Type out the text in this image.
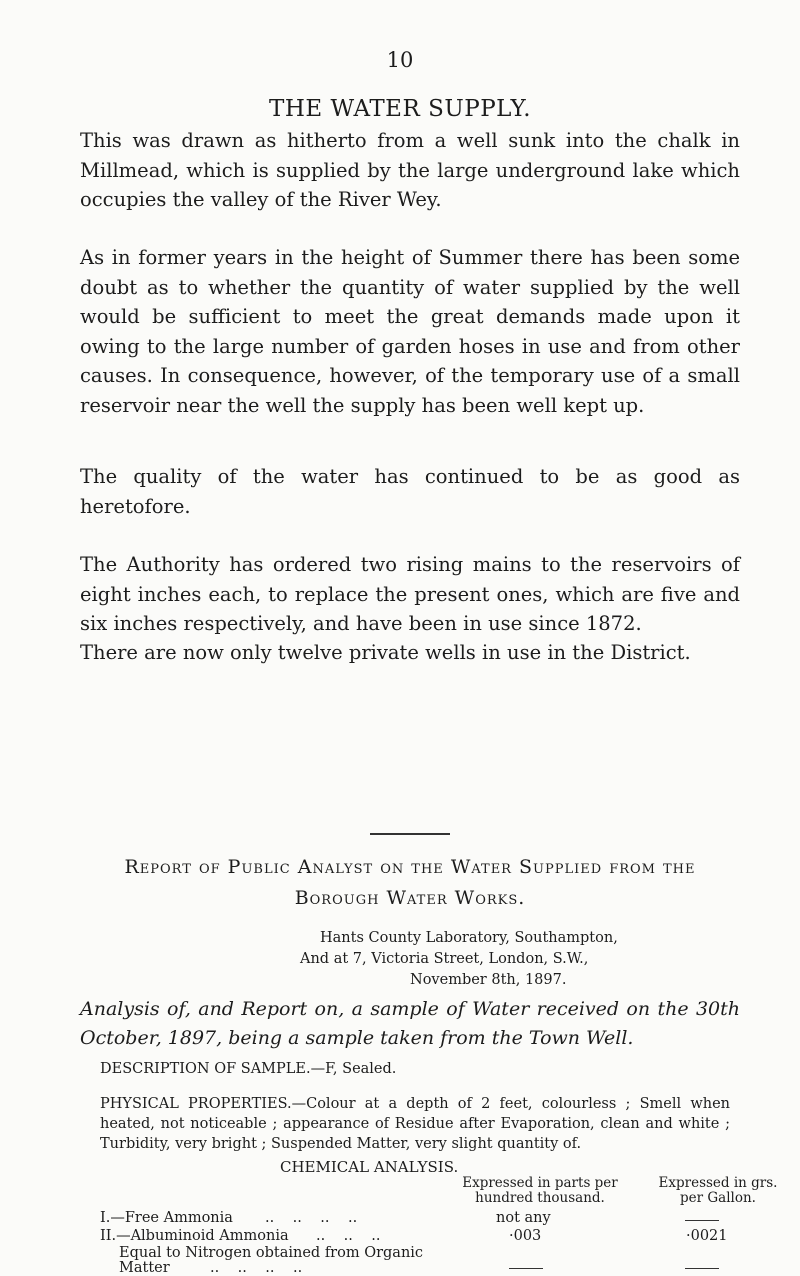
10
THE WATER SUPPLY.

This was drawn as hitherto from a well sunk into the chalk in Millmead, which is supplied by the large underground lake which occupies the valley of the River Wey.

As in former years in the height of Summer there has been some doubt as to whether the quantity of water supplied by the well would be sufficient to meet the great demands made upon it owing to the large number of garden hoses in use and from other causes. In consequence, however, of the temporary use of a small reservoir near the well the supply has been well kept up.

The quality of the water has continued to be as good as heretofore.

The Authority has ordered two rising mains to the reservoirs of eight inches each, to replace the present ones, which are five and six inches respectively, and have been in use since 1872.

There are now only twelve private wells in use in the District.

Report of Public Analyst on the Water Supplied from the
Borough Water Works.
Hants County Laboratory, Southampton,
And at 7, Victoria Street, London, S.W.,
November 8th, 1897.

Analysis of, and Report on, a sample of Water received on the 30th October, 1897, being a sample taken from the Town Well.

DESCRIPTION OF SAMPLE.—F, Sealed.

PHYSICAL PROPERTIES.—Colour at a depth of 2 feet, colourless ; Smell when heated, not noticeable ; appearance of Residue after Evaporation, clean and white ; Turbidity, very bright ; Suspended Matter, very slight quantity of.

CHEMICAL ANALYSIS.
Expressed in parts per
hundred thousand.
Expressed in grs.
per Gallon.
I.—Free Ammonia ..    ..    ..    ..	not any
II.—Albuminoid Ammonia ..    ..    ..	·003	·0021
Equal to Nitrogen obtained from Organic
Matter	..    ..    ..    ..
